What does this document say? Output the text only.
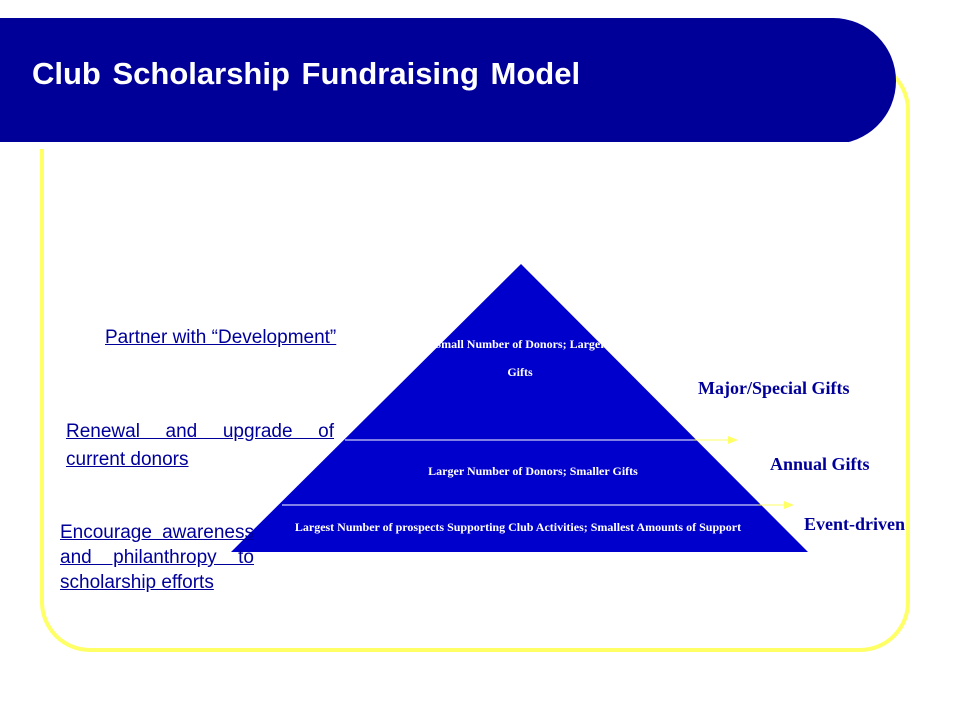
Club Scholarship Fundraising Model
Small Number of Donors; Larger Gifts
Larger Number of Donors; Smaller Gifts
Largest Number of prospects Supporting Club Activities; Smallest Amounts of Support
Partner with “Development”
Renewal and upgrade of current donors
Encourage awareness and philanthropy to scholarship efforts
Major/Special Gifts
Annual Gifts
Event-driven
